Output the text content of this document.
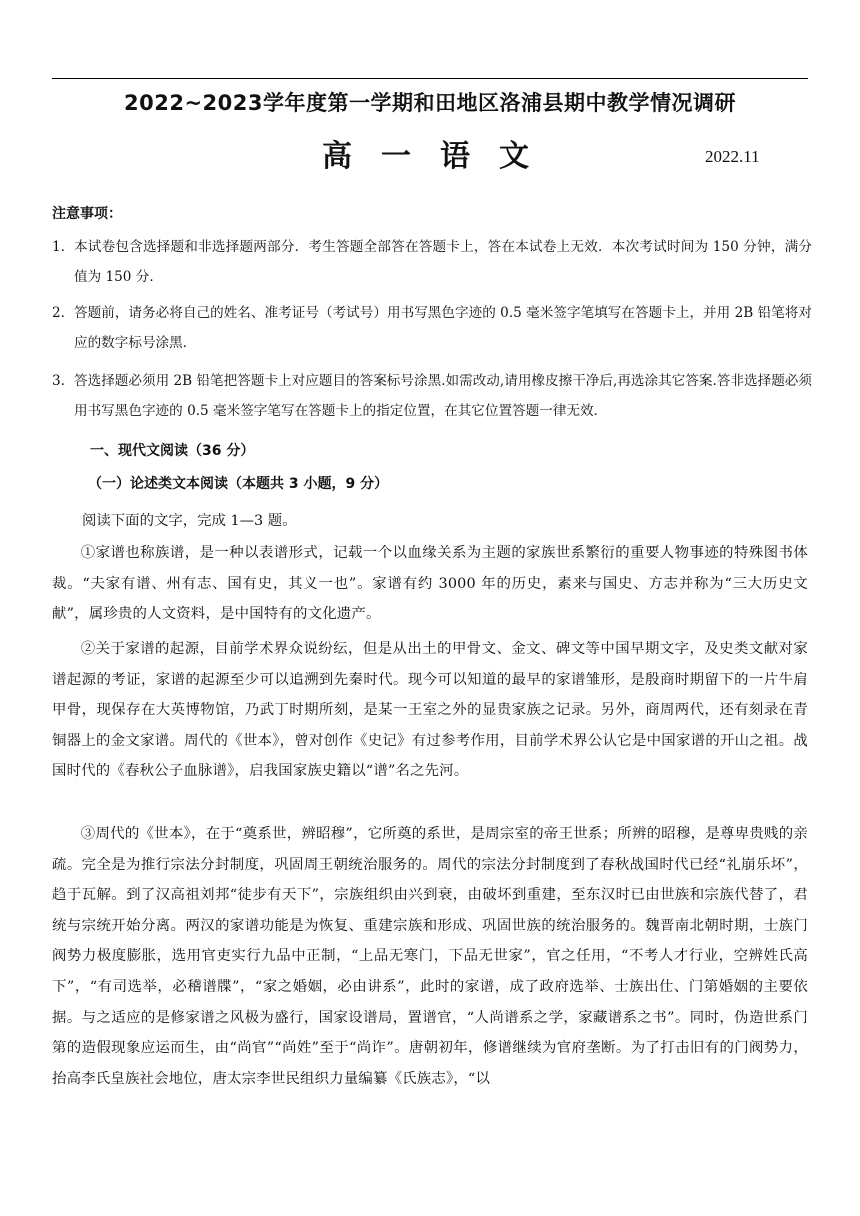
2022~2023学年度第一学期和田地区洛浦县期中教学情况调研
高一语文	2022.11
注意事项：
1. 本试卷包含选择题和非选择题两部分．考生答题全部答在答题卡上，答在本试卷上无效．本次考试时间为 150 分钟，满分值为 150 分．
2. 答题前，请务必将自己的姓名、准考证号（考试号）用书写黑色字迹的 0.5 毫米签字笔填写在答题卡上，并用 2B 铅笔将对应的数字标号涂黑．
3. 答选择题必须用 2B 铅笔把答题卡上对应题目的答案标号涂黑.如需改动,请用橡皮擦干净后,再选涂其它答案.答非选择题必须用书写黑色字迹的 0.5 毫米签字笔写在答题卡上的指定位置，在其它位置答题一律无效．
一、现代文阅读（36 分）
（一）论述类文本阅读（本题共 3 小题，9 分）
阅读下面的文字，完成 1—3 题。
①家谱也称族谱，是一种以表谱形式，记载一个以血缘关系为主题的家族世系繁衍的重要人物事迹的特殊图书体裁。“夫家有谱、州有志、国有史，其义一也”。家谱有约 3000 年的历史，素来与国史、方志并称为“三大历史文献”，属珍贵的人文资料，是中国特有的文化遗产。
②关于家谱的起源，目前学术界众说纷纭，但是从出土的甲骨文、金文、碑文等中国早期文字，及史类文献对家谱起源的考证，家谱的起源至少可以追溯到先秦时代。现今可以知道的最早的家谱雏形，是殷商时期留下的一片牛肩甲骨，现保存在大英博物馆，乃武丁时期所刻，是某一王室之外的显贵家族之记录。另外，商周两代，还有刻录在青铜器上的金文家谱。周代的《世本》，曾对创作《史记》有过参考作用，目前学术界公认它是中国家谱的开山之祖。战国时代的《春秋公子血脉谱》，启我国家族史籍以“谱”名之先河。
③周代的《世本》，在于“奠系世，辨昭穆”，它所奠的系世，是周宗室的帝王世系；所辨的昭穆，是尊卑贵贱的亲疏。完全是为推行宗法分封制度，巩固周王朝统治服务的。周代的宗法分封制度到了春秋战国时代已经“礼崩乐坏”，趋于瓦解。到了汉高祖刘邦“徒步有天下”，宗族组织由兴到衰，由破坏到重建，至东汉时已由世族和宗族代替了，君统与宗统开始分离。两汉的家谱功能是为恢复、重建宗族和形成、巩固世族的统治服务的。魏晋南北朝时期，士族门阀势力极度膨胀，选用官吏实行九品中正制，“上品无寒门，下品无世家”，官之任用，“不考人才行业，空辨姓氏高下”，“有司选举，必稽谱牒”，“家之婚姻，必由讲系”，此时的家谱，成了政府选举、士族出仕、门第婚姻的主要依据。与之适应的是修家谱之风极为盛行，国家设谱局，置谱官，“人尚谱系之学，家藏谱系之书”。同时，伪造世系门第的造假现象应运而生，由“尚官”“尚姓”至于“尚诈”。唐朝初年，修谱继续为官府垄断。为了打击旧有的门阀势力，抬高李氏皇族社会地位，唐太宗李世民组织力量编纂《氏族志》，“以
